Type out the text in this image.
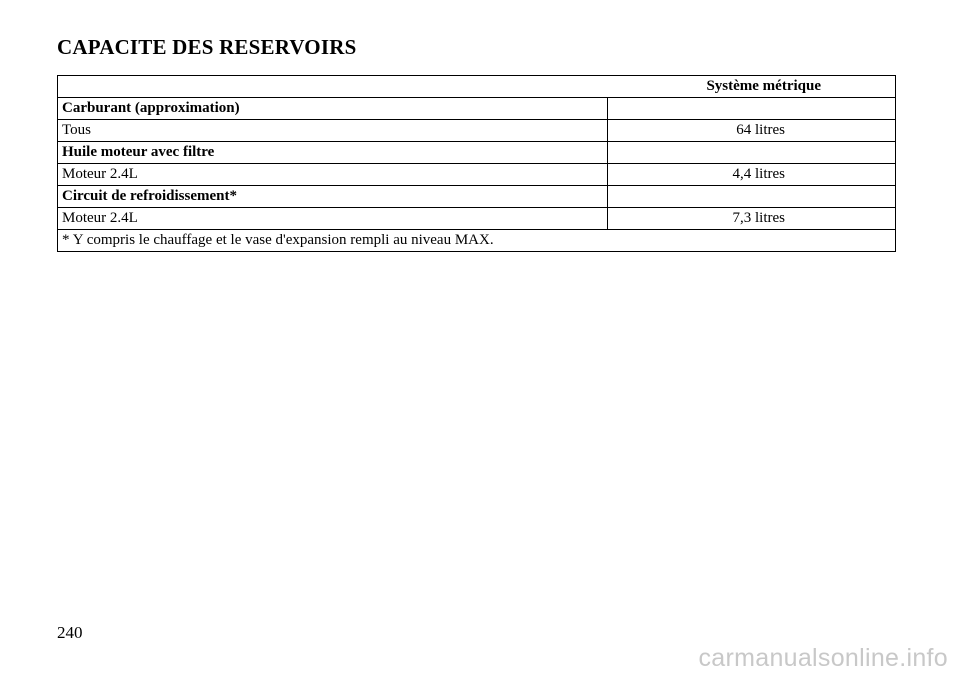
CAPACITE DES RESERVOIRS
Système métrique	
Carburant (approximation)	
Tous	64 litres
Huile moteur avec filtre	
Moteur 2.4L	4,4 litres
Circuit de refroidissement*	
Moteur 2.4L	7,3 litres
* Y compris le chauffage et le vase d'expansion rempli au niveau MAX.	
240
carmanualsonline.info
